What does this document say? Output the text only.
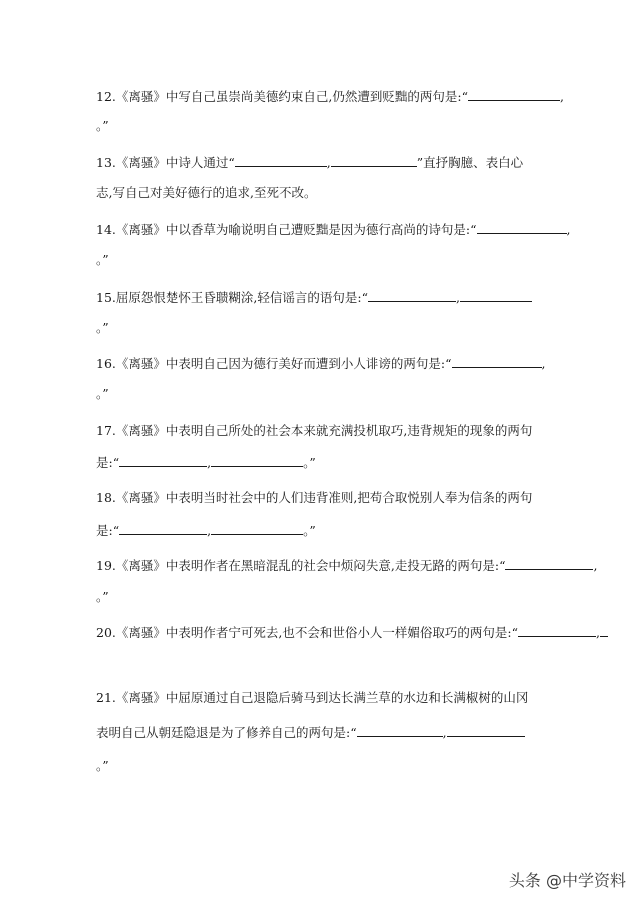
12.《离骚》中写自己虽崇尚美德约束自己,仍然遭到贬黜的两句是:“	,
。”
13.《离骚》中诗人通过“	,	”直抒胸臆、表白心
志,写自己对美好德行的追求,至死不改。
14.《离骚》中以香草为喻说明自己遭贬黜是因为德行高尚的诗句是:“	,
。”
15.屈原怨恨楚怀王昏聩糊涂,轻信谣言的语句是:“	,
。”
16.《离骚》中表明自己因为德行美好而遭到小人诽谤的两句是:“	,
。”
17.《离骚》中表明自己所处的社会本来就充满投机取巧,违背规矩的现象的两句
是:“	,	。”
18.《离骚》中表明当时社会中的人们违背准则,把苟合取悦别人奉为信条的两句
是:“	,	。”
19.《离骚》中表明作者在黑暗混乱的社会中烦闷失意,走投无路的两句是:“	,
。”
20.《离骚》中表明作者宁可死去,也不会和世俗小人一样媚俗取巧的两句是:“	,
21.《离骚》中屈原通过自己退隐后骑马到达长满兰草的水边和长满椒树的山冈
表明自己从朝廷隐退是为了修养自己的两句是:“	,
。”
头条 @中学资料
